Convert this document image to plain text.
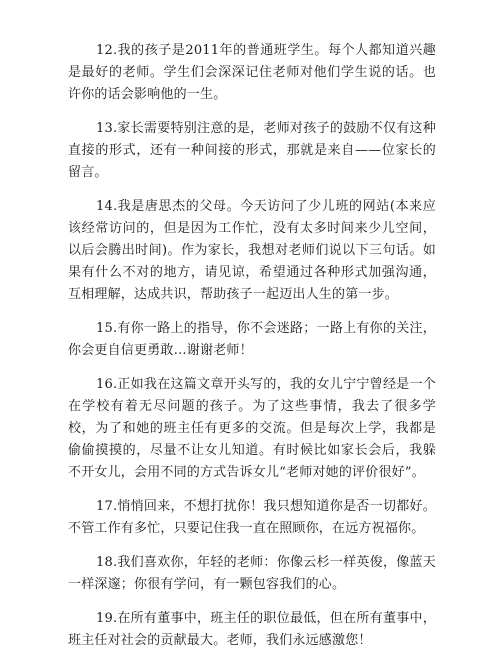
12.我的孩子是2011年的普通班学生。每个人都知道兴趣是最好的老师。学生们会深深记住老师对他们学生说的话。也许你的话会影响他的一生。

13.家长需要特别注意的是，老师对孩子的鼓励不仅有这种直接的形式，还有一种间接的形式，那就是来自——位家长的留言。

14.我是唐思杰的父母。今天访问了少儿班的网站(本来应该经常访问的，但是因为工作忙，没有太多时间来少儿空间，以后会腾出时间)。作为家长，我想对老师们说以下三句话。如果有什么不对的地方，请见谅，希望通过各种形式加强沟通，互相理解，达成共识，帮助孩子一起迈出人生的第一步。

15.有你一路上的指导，你不会迷路；一路上有你的关注，你会更自信更勇敢…谢谢老师！

16.正如我在这篇文章开头写的，我的女儿宁宁曾经是一个在学校有着无尽问题的孩子。为了这些事情，我去了很多学校，为了和她的班主任有更多的交流。但是每次上学，我都是偷偷摸摸的，尽量不让女儿知道。有时候比如家长会后，我躲不开女儿，会用不同的方式告诉女儿“老师对她的评价很好”。

17.悄悄回来，不想打扰你！我只想知道你是否一切都好。不管工作有多忙，只要记住我一直在照顾你，在远方祝福你。

18.我们喜欢你，年轻的老师：你像云杉一样英俊，像蓝天一样深邃；你很有学问，有一颗包容我们的心。

19.在所有董事中，班主任的职位最低，但在所有董事中，班主任对社会的贡献最大。老师，我们永远感激您！
